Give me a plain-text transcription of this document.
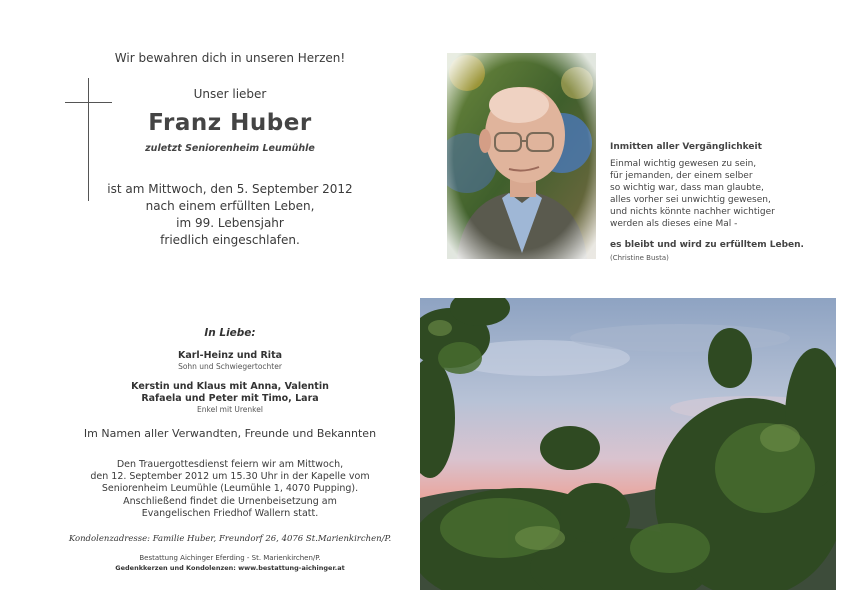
Wir bewahren dich in unseren Herzen!
Unser lieber
Franz Huber
zuletzt Seniorenheim Leumühle
ist am Mittwoch, den 5. September 2012
nach einem erfüllten Leben,
im 99. Lebensjahr
friedlich eingeschlafen.
Inmitten aller Vergänglichkeit
Einmal wichtig gewesen zu sein,
für jemanden, der einem selber
so wichtig war, dass man glaubte,
alles vorher sei unwichtig gewesen,
und nichts könnte nachher wichtiger
werden als dieses eine Mal -
es bleibt und wird zu erfülltem Leben.
(Christine Busta)
In Liebe:
Karl-Heinz und Rita
Sohn und Schwiegertochter
Kerstin und Klaus mit Anna, Valentin
Rafaela und Peter mit Timo, Lara
Enkel mit Urenkel
Im Namen aller Verwandten, Freunde und Bekannten
Den Trauergottesdienst feiern wir am Mittwoch,
den 12. September 2012 um 15.30 Uhr in der Kapelle vom
Seniorenheim Leumühle (Leumühle 1, 4070 Pupping).
Anschließend findet die Urnenbeisetzung am
Evangelischen Friedhof Wallern statt.
Kondolenzadresse: Familie Huber, Freundorf 26, 4076 St.Marienkirchen/P.
Bestattung Aichinger Eferding - St. Marienkirchen/P.
Gedenkkerzen und Kondolenzen: www.bestattung-aichinger.at
